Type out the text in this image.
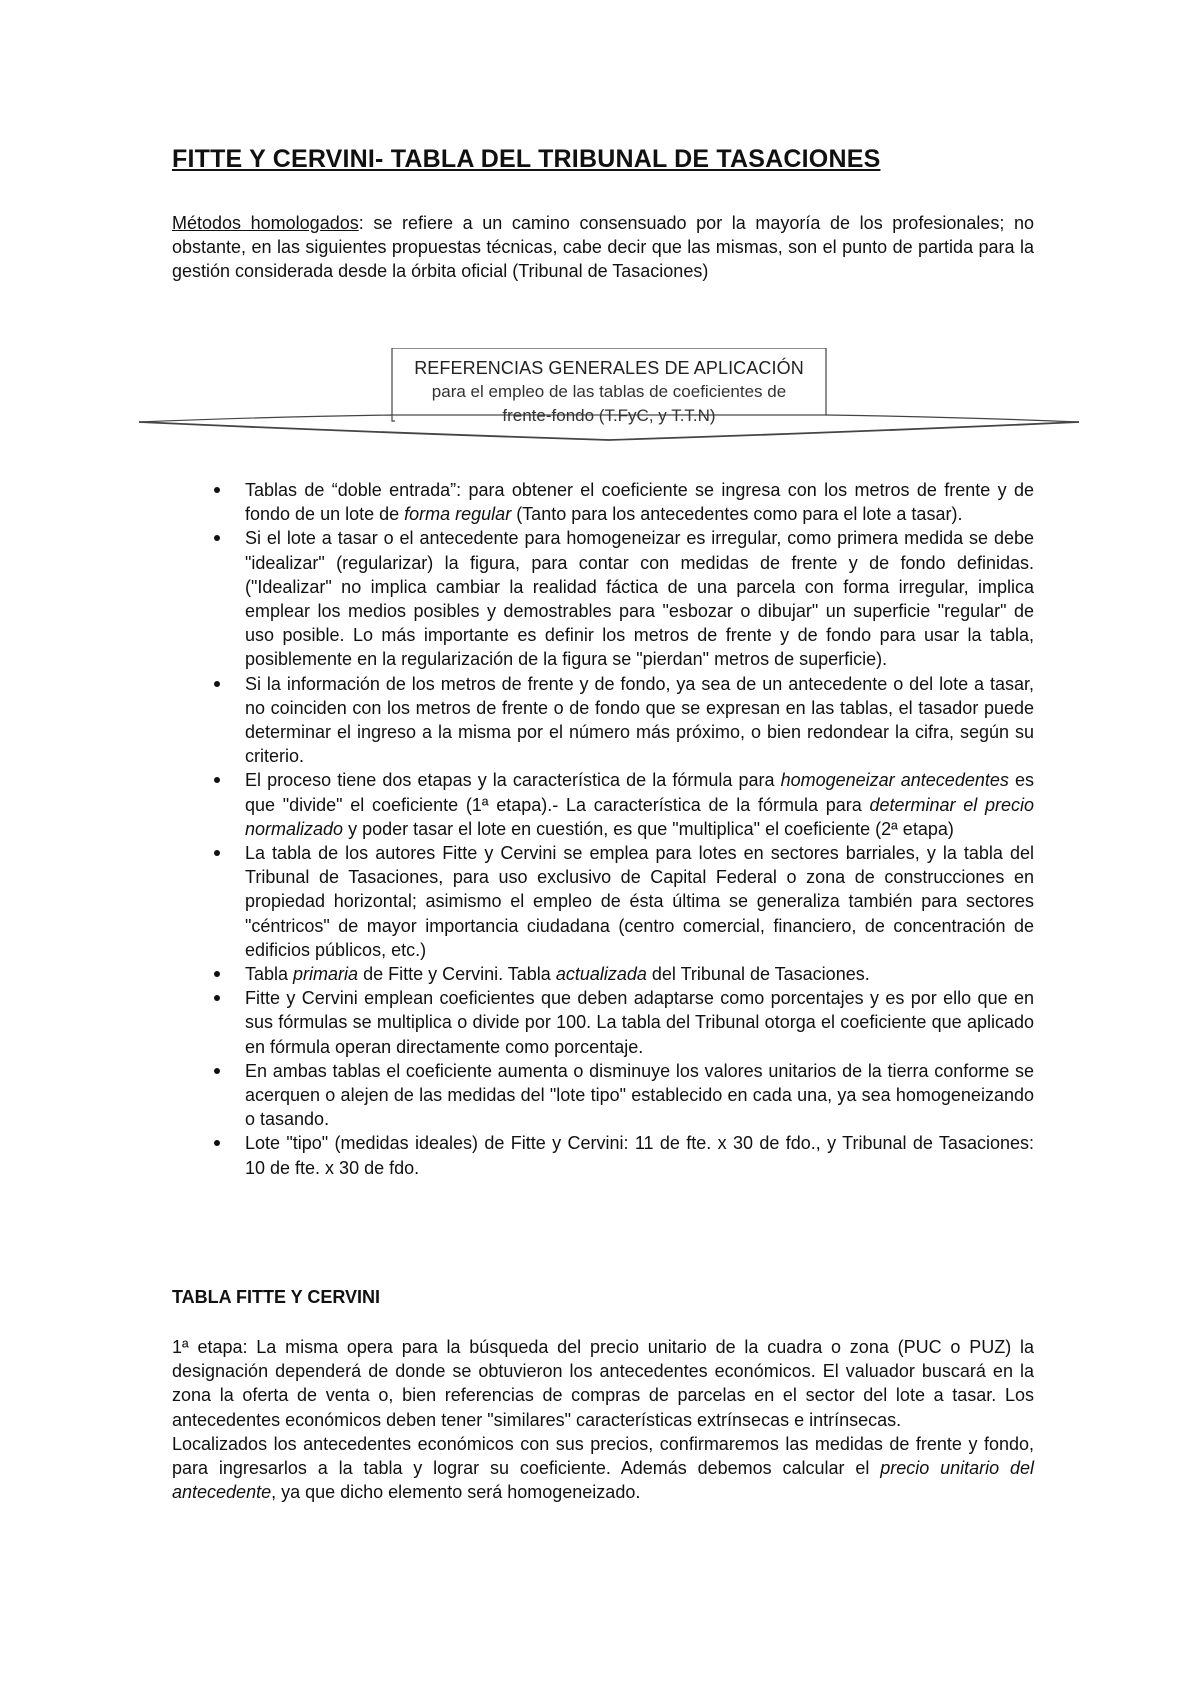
FITTE Y CERVINI- TABLA DEL TRIBUNAL DE TASACIONES

Métodos homologados: se refiere a un camino consensuado por la mayoría de los profesionales; no obstante, en las siguientes propuestas técnicas, cabe decir que las mismas, son el punto de partida para la gestión considerada desde la órbita oficial (Tribunal de Tasaciones)

REFERENCIAS GENERALES DE APLICACIÓN
para el empleo de las tablas de coeficientes de
frente-fondo (T.FyC, y T.T.N)
Tablas de “doble entrada”: para obtener el coeficiente se ingresa con los metros de frente y de fondo de un lote de forma regular (Tanto para los antecedentes como para el lote a tasar).
Si el lote a tasar o el antecedente para homogeneizar es irregular, como primera medida se debe "idealizar" (regularizar) la figura, para contar con medidas de frente y de fondo definidas. ("Idealizar" no implica cambiar la realidad fáctica de una parcela con forma irregular, implica emplear los medios posibles y demostrables para "esbozar o dibujar" un superficie "regular" de uso posible. Lo más importante es definir los metros de frente y de fondo para usar la tabla, posiblemente en la regularización de la figura se "pierdan" metros de superficie).
Si la información de los metros de frente y de fondo, ya sea de un antecedente o del lote a tasar, no coinciden con los metros de frente o de fondo que se expresan en las tablas, el tasador puede determinar el ingreso a la misma por el número más próximo, o bien redondear la cifra, según su criterio.
El proceso tiene dos etapas y la característica de la fórmula para homogeneizar antecedentes es que "divide" el coeficiente (1ª etapa).- La característica de la fórmula para determinar el precio normalizado y poder tasar el lote en cuestión, es que "multiplica" el coeficiente (2ª etapa)
La tabla de los autores Fitte y Cervini se emplea para lotes en sectores barriales, y la tabla del Tribunal de Tasaciones, para uso exclusivo de Capital Federal o zona de construcciones en propiedad horizontal; asimismo el empleo de ésta última se generaliza también para sectores "céntricos" de mayor importancia ciudadana (centro comercial, financiero, de concentración de edificios públicos, etc.)
Tabla primaria de Fitte y Cervini. Tabla actualizada del Tribunal de Tasaciones.
Fitte y Cervini emplean coeficientes que deben adaptarse como porcentajes y es por ello que en sus fórmulas se multiplica o divide por 100. La tabla del Tribunal otorga el coeficiente que aplicado en fórmula operan directamente como porcentaje.
En ambas tablas el coeficiente aumenta o disminuye los valores unitarios de la tierra conforme se acerquen o alejen de las medidas del "lote tipo" establecido en cada una, ya sea homogeneizando o tasando.
Lote "tipo" (medidas ideales) de Fitte y Cervini: 11 de fte. x 30 de fdo., y Tribunal de Tasaciones: 10 de fte. x 30 de fdo.
TABLA FITTE Y CERVINI

1ª etapa: La misma opera para la búsqueda del precio unitario de la cuadra o zona (PUC o PUZ) la designación dependerá de donde se obtuvieron los antecedentes económicos. El valuador buscará en la zona la oferta de venta o, bien referencias de compras de parcelas en el sector del lote a tasar. Los antecedentes económicos deben tener "similares" características extrínsecas e intrínsecas.

Localizados los antecedentes económicos con sus precios, confirmaremos las medidas de frente y fondo, para ingresarlos a la tabla y lograr su coeficiente. Además debemos calcular el precio unitario del antecedente, ya que dicho elemento será homogeneizado.
